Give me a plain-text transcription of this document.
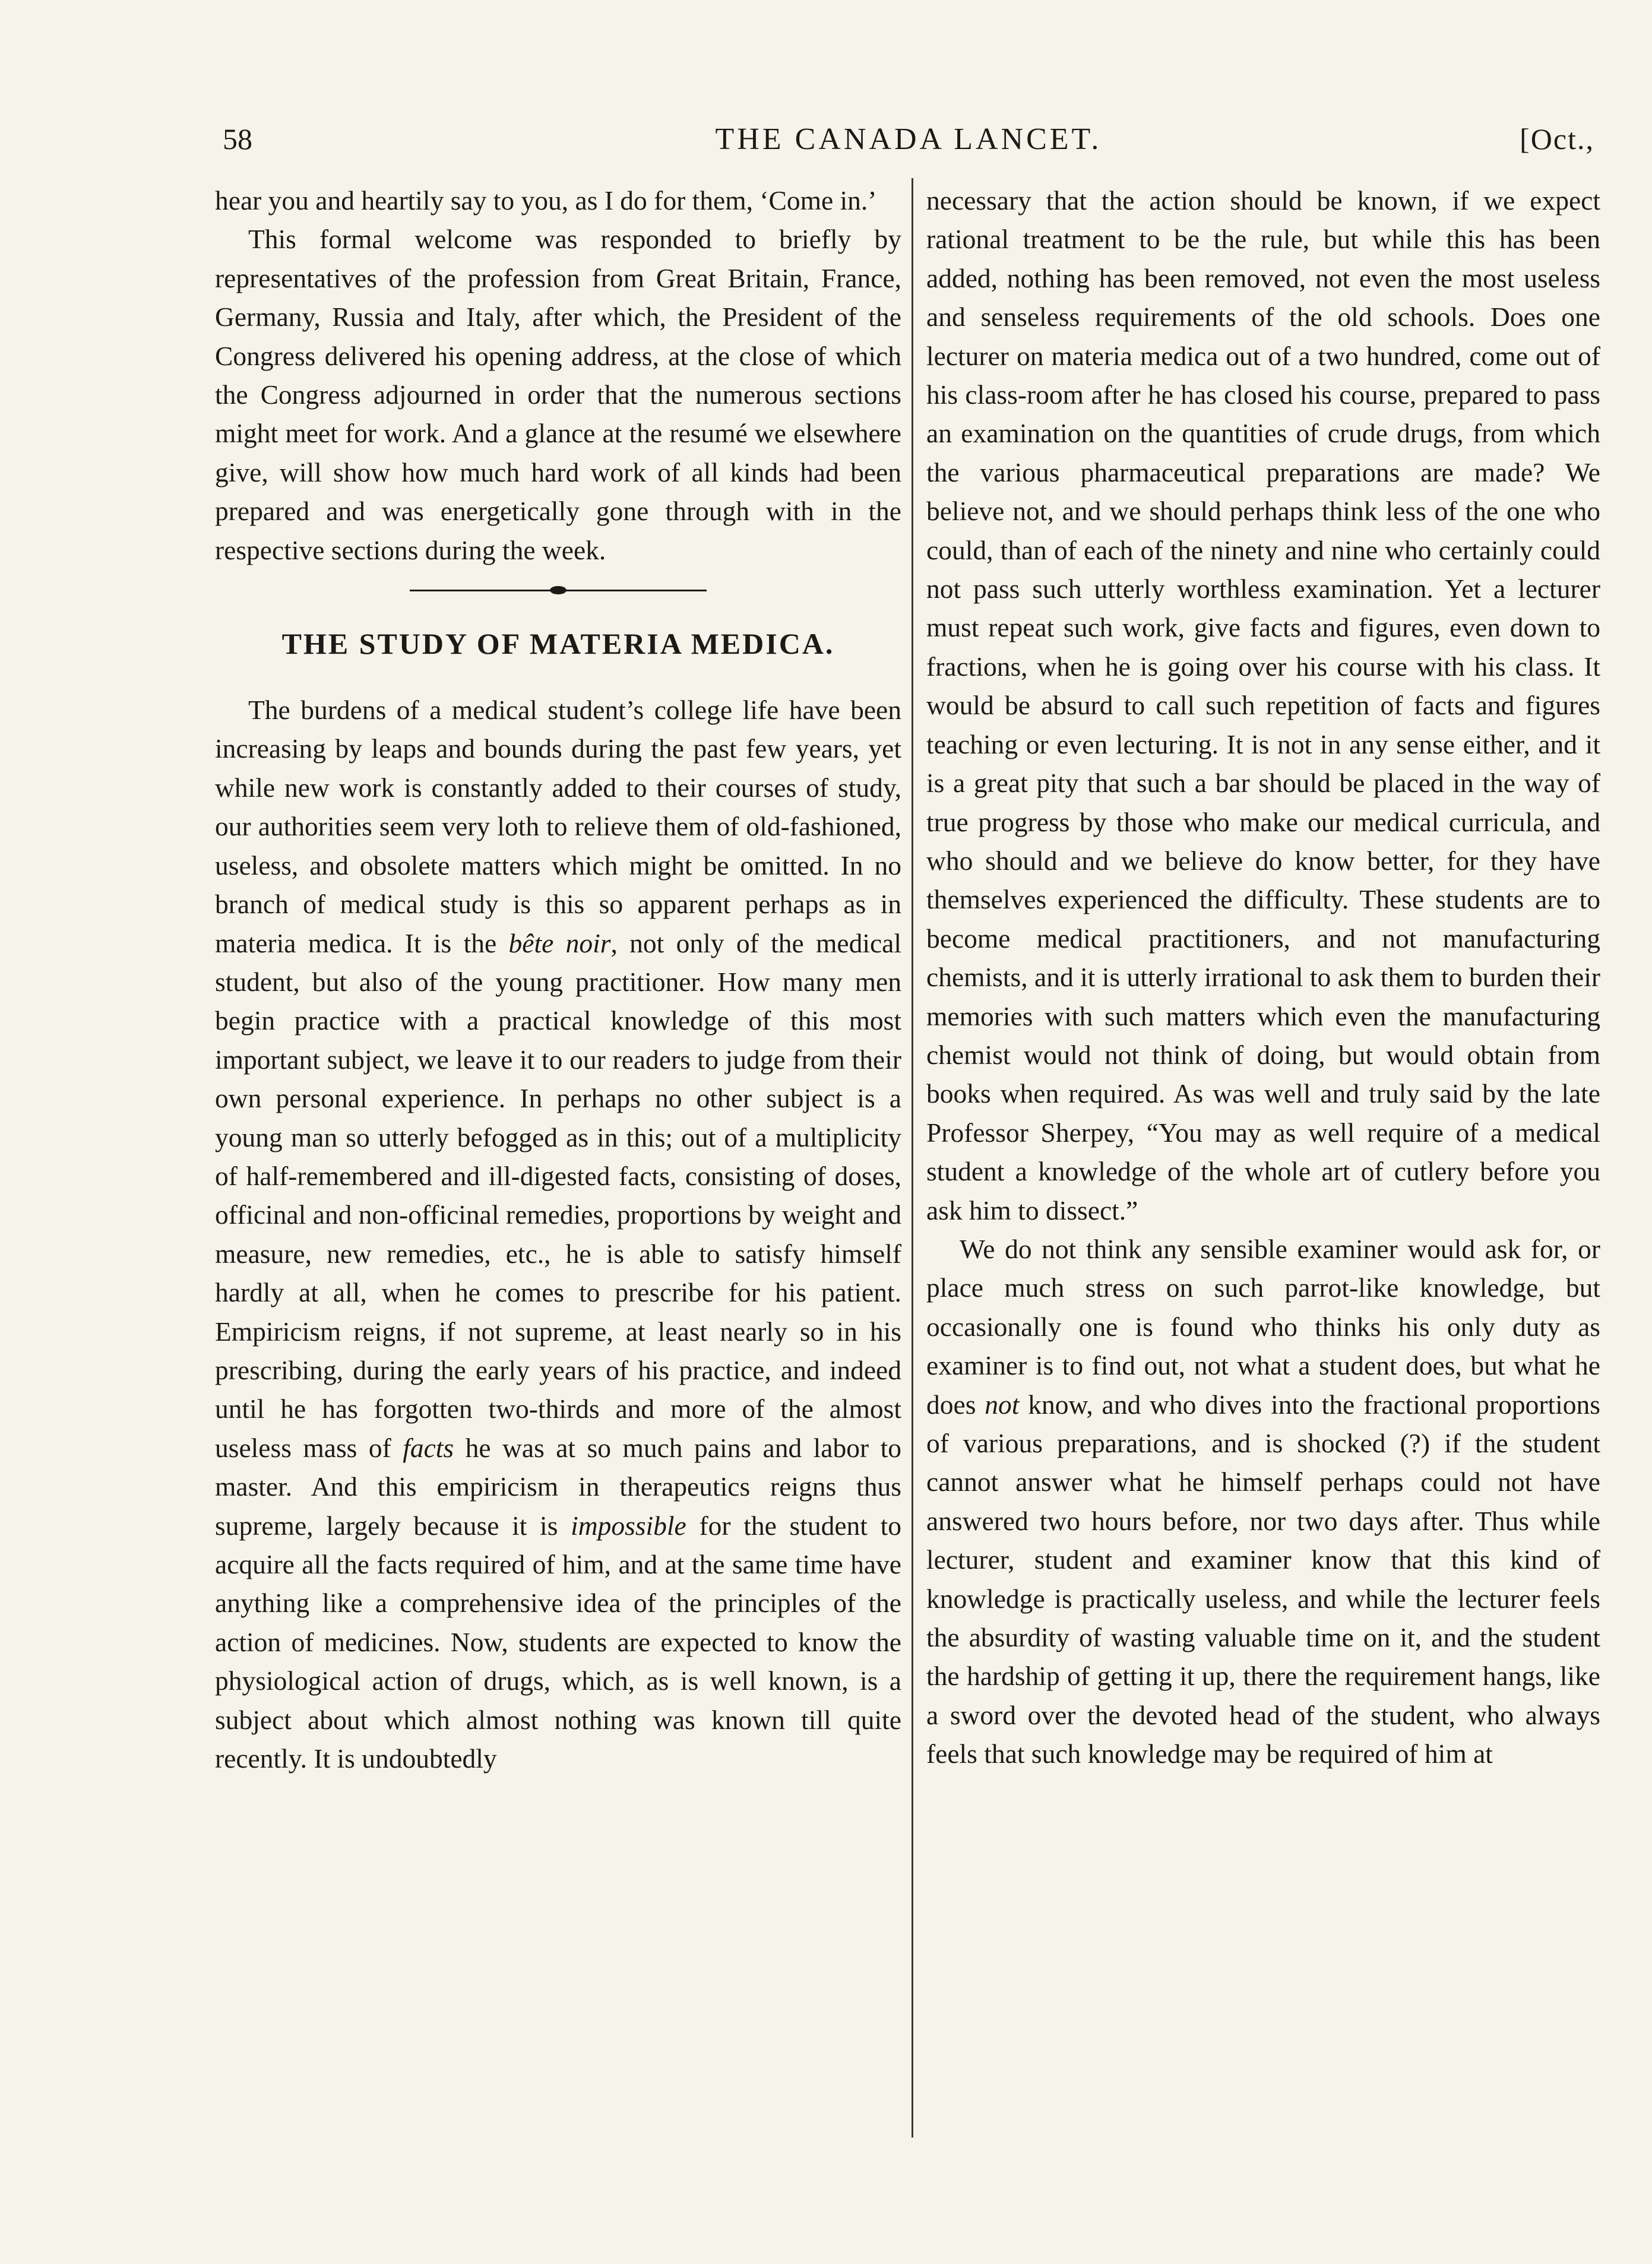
58	THE CANADA LANCET.	[Oct.,

hear you and heartily say to you, as I do for them, ‘Come in.’

This formal welcome was responded to briefly by representatives of the profession from Great Britain, France, Germany, Russia and Italy, after which, the President of the Congress delivered his opening address, at the close of which the Congress adjourned in order that the numerous sections might meet for work. And a glance at the resumé we elsewhere give, will show how much hard work of all kinds had been prepared and was energetically gone through with in the respective sections during the week.

THE STUDY OF MATERIA MEDICA.

The burdens of a medical student’s college life have been increasing by leaps and bounds during the past few years, yet while new work is constantly added to their courses of study, our authorities seem very loth to relieve them of old-fashioned, useless, and obsolete matters which might be omitted. In no branch of medical study is this so apparent perhaps as in materia medica. It is the bête noir, not only of the medical student, but also of the young practitioner. How many men begin practice with a practical knowledge of this most important subject, we leave it to our readers to judge from their own personal experience. In perhaps no other subject is a young man so utterly befogged as in this; out of a multiplicity of half-remembered and ill-digested facts, consisting of doses, officinal and non-officinal remedies, proportions by weight and measure, new remedies, etc., he is able to satisfy himself hardly at all, when he comes to prescribe for his patient. Empiricism reigns, if not supreme, at least nearly so in his prescribing, during the early years of his practice, and indeed until he has forgotten two-thirds and more of the almost useless mass of facts he was at so much pains and labor to master. And this empiricism in therapeutics reigns thus supreme, largely because it is impossible for the student to acquire all the facts required of him, and at the same time have anything like a comprehensive idea of the principles of the action of medicines. Now, students are expected to know the physiological action of drugs, which, as is well known, is a subject about which almost nothing was known till quite recently. It is undoubtedly

necessary that the action should be known, if we expect rational treatment to be the rule, but while this has been added, nothing has been removed, not even the most useless and senseless requirements of the old schools. Does one lecturer on materia medica out of a two hundred, come out of his class-room after he has closed his course, prepared to pass an examination on the quantities of crude drugs, from which the various pharmaceutical preparations are made? We believe not, and we should perhaps think less of the one who could, than of each of the ninety and nine who certainly could not pass such utterly worthless examination. Yet a lecturer must repeat such work, give facts and figures, even down to fractions, when he is going over his course with his class. It would be absurd to call such repetition of facts and figures teaching or even lecturing. It is not in any sense either, and it is a great pity that such a bar should be placed in the way of true progress by those who make our medical curricula, and who should and we believe do know better, for they have themselves experienced the difficulty. These students are to become medical practitioners, and not manufacturing chemists, and it is utterly irrational to ask them to burden their memories with such matters which even the manufacturing chemist would not think of doing, but would obtain from books when required. As was well and truly said by the late Professor Sherpey, “You may as well require of a medical student a knowledge of the whole art of cutlery before you ask him to dissect.”

We do not think any sensible examiner would ask for, or place much stress on such parrot-like knowledge, but occasionally one is found who thinks his only duty as examiner is to find out, not what a student does, but what he does not know, and who dives into the fractional proportions of various preparations, and is shocked (?) if the student cannot answer what he himself perhaps could not have answered two hours before, nor two days after. Thus while lecturer, student and examiner know that this kind of knowledge is practically useless, and while the lecturer feels the absurdity of wasting valuable time on it, and the student the hardship of getting it up, there the requirement hangs, like a sword over the devoted head of the student, who always feels that such knowledge may be required of him at
